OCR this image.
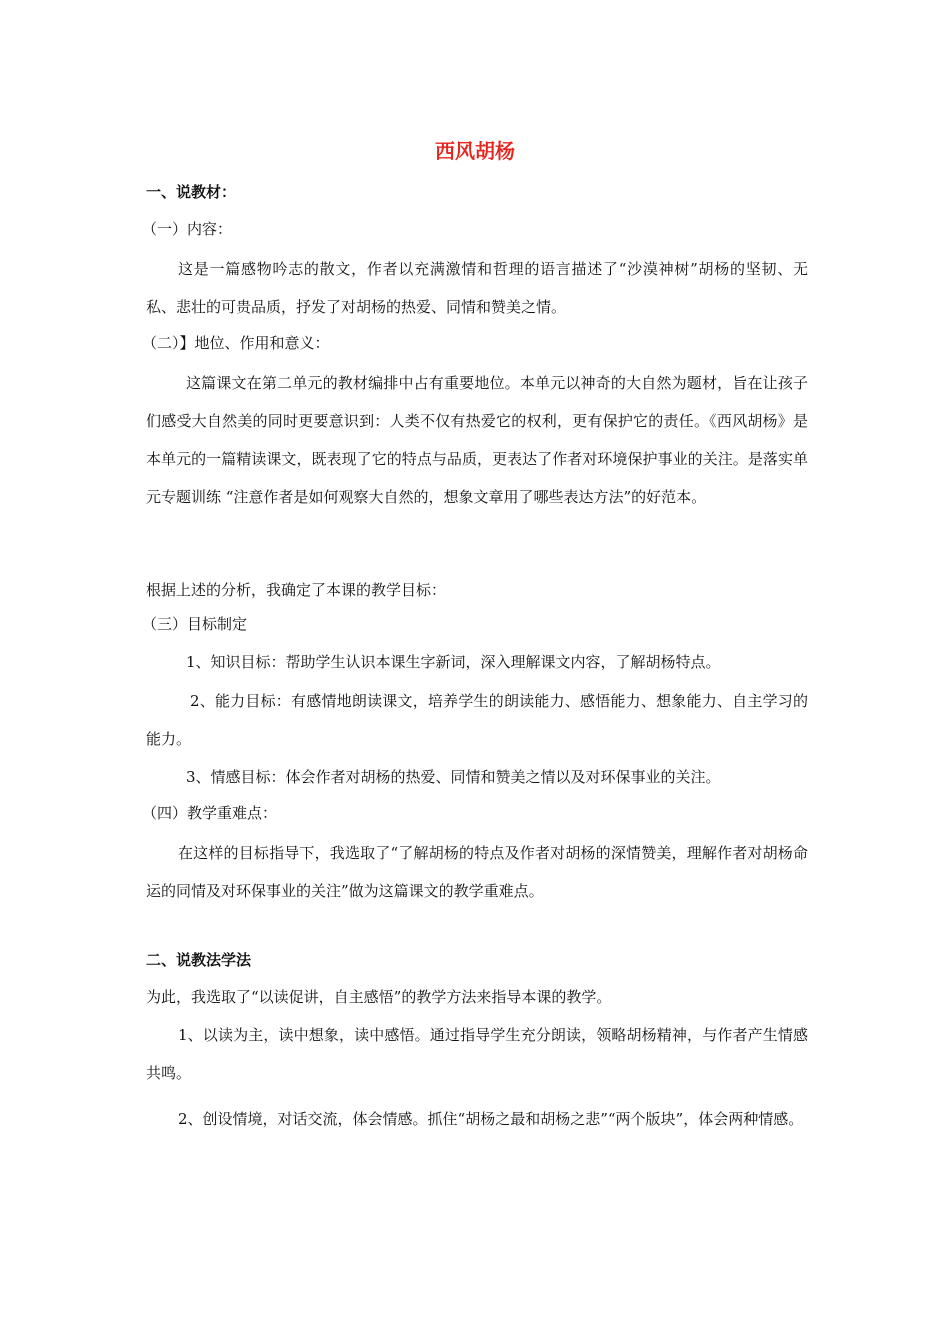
西风胡杨
一、说教材：
（一）内容：
这是一篇感物吟志的散文，作者以充满激情和哲理的语言描述了“沙漠神树”胡杨的坚韧、无私、悲壮的可贵品质，抒发了对胡杨的热爱、同情和赞美之情。
（二）】地位、作用和意义：
这篇课文在第二单元的教材编排中占有重要地位。本单元以神奇的大自然为题材，旨在让孩子们感受大自然美的同时更要意识到：人类不仅有热爱它的权利，更有保护它的责任。《西风胡杨》是本单元的一篇精读课文，既表现了它的特点与品质，更表达了作者对环境保护事业的关注。是落实单元专题训练 “注意作者是如何观察大自然的，想象文章用了哪些表达方法”的好范本。
根据上述的分析，我确定了本课的教学目标：
（三）目标制定
1、知识目标：帮助学生认识本课生字新词，深入理解课文内容，了解胡杨特点。
2、能力目标：有感情地朗读课文，培养学生的朗读能力、感悟能力、想象能力、自主学习的能力。
3、情感目标：体会作者对胡杨的热爱、同情和赞美之情以及对环保事业的关注。
（四）教学重难点：
在这样的目标指导下，我选取了“了解胡杨的特点及作者对胡杨的深情赞美，理解作者对胡杨命运的同情及对环保事业的关注”做为这篇课文的教学重难点。
二、说教法学法
为此，我选取了“以读促讲，自主感悟”的教学方法来指导本课的教学。
1、以读为主，读中想象，读中感悟。通过指导学生充分朗读，领略胡杨精神，与作者产生情感共鸣。
2、创设情境，对话交流，体会情感。抓住“胡杨之最和胡杨之悲”“两个版块”，体会两种情感。
